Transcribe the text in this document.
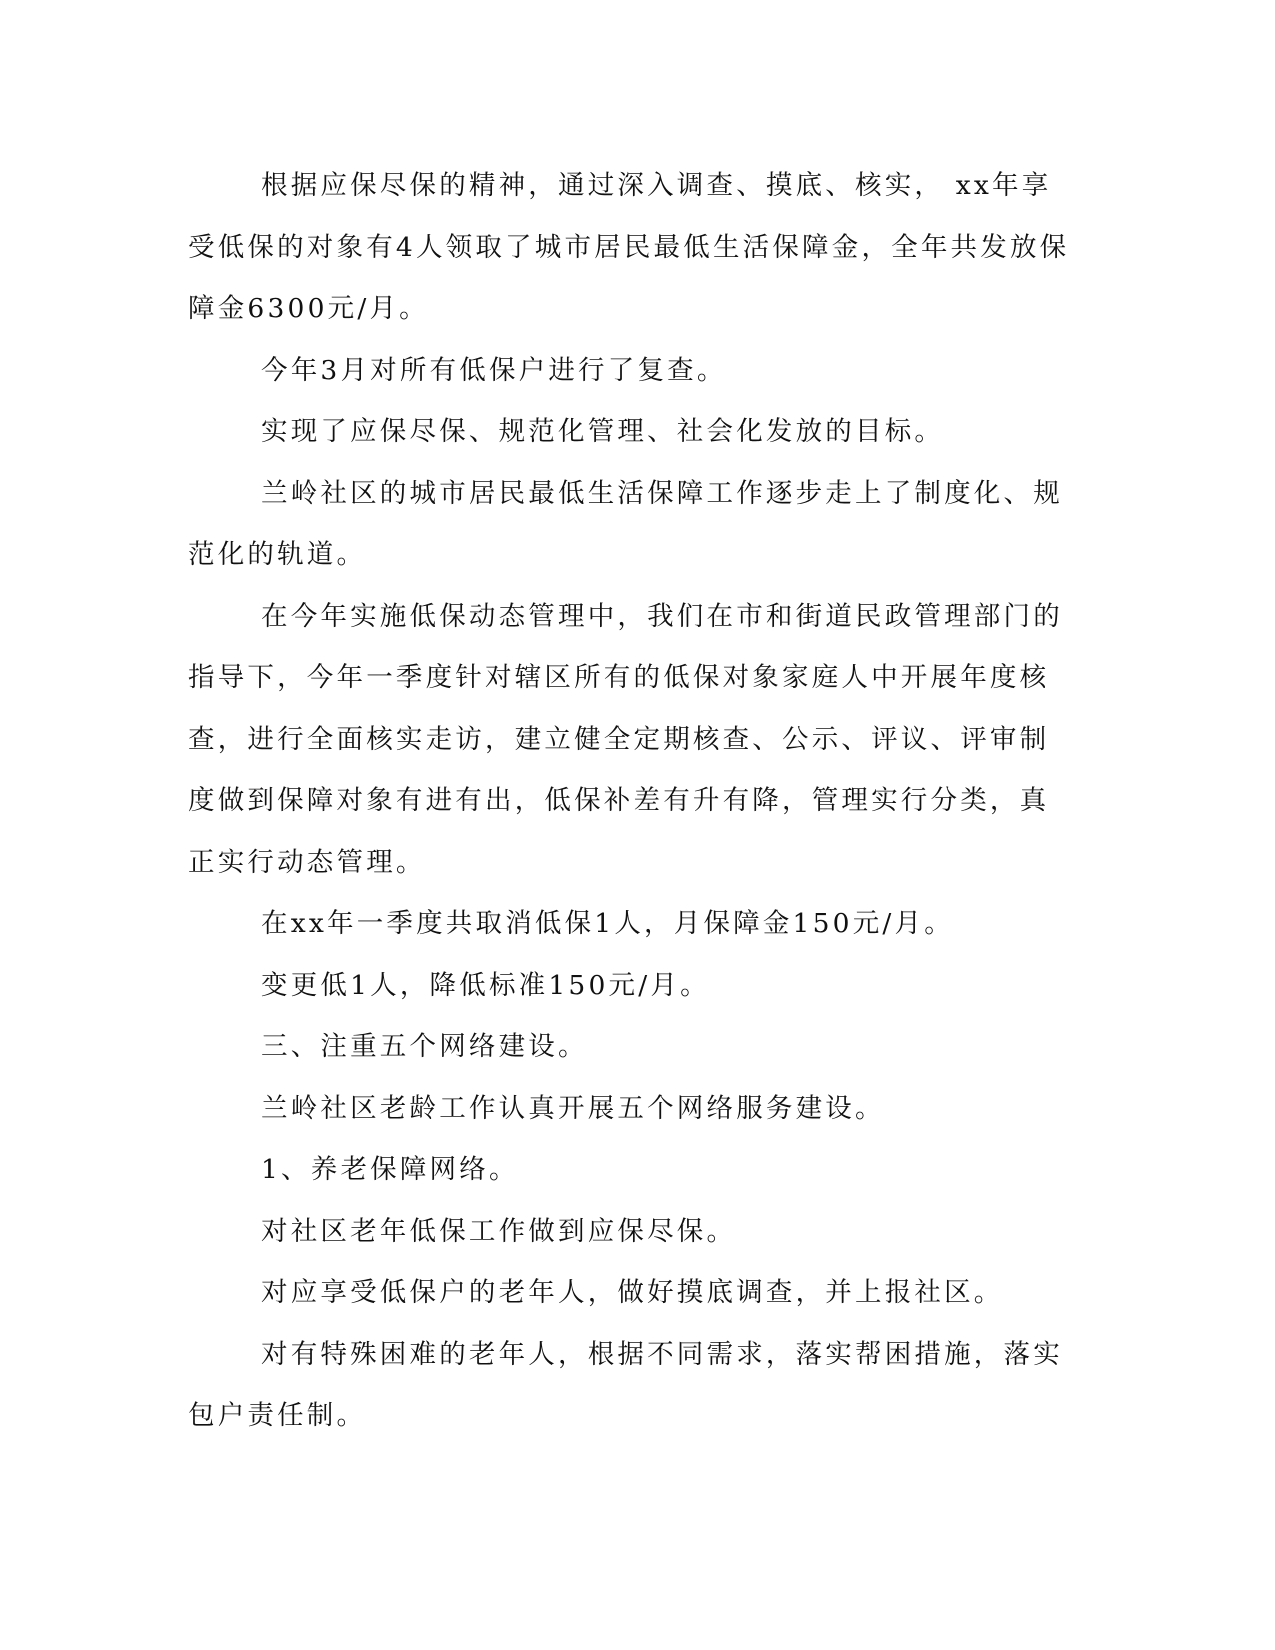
根据应保尽保的精神，通过深入调查、摸底、核实， xx年享受低保的对象有4人领取了城市居民最低生活保障金，全年共发放保障金6300元/月。

今年3月对所有低保户进行了复查。

实现了应保尽保、规范化管理、社会化发放的目标。

兰岭社区的城市居民最低生活保障工作逐步走上了制度化、规范化的轨道。

在今年实施低保动态管理中，我们在市和街道民政管理部门的指导下，今年一季度针对辖区所有的低保对象家庭人中开展年度核查，进行全面核实走访，建立健全定期核查、公示、评议、评审制度做到保障对象有进有出，低保补差有升有降，管理实行分类，真正实行动态管理。

在xx年一季度共取消低保1人，月保障金150元/月。

变更低1人，降低标准150元/月。

三、注重五个网络建设。

兰岭社区老龄工作认真开展五个网络服务建设。

1、养老保障网络。

对社区老年低保工作做到应保尽保。

对应享受低保户的老年人，做好摸底调查，并上报社区。

对有特殊困难的老年人，根据不同需求，落实帮困措施，落实包户责任制。
